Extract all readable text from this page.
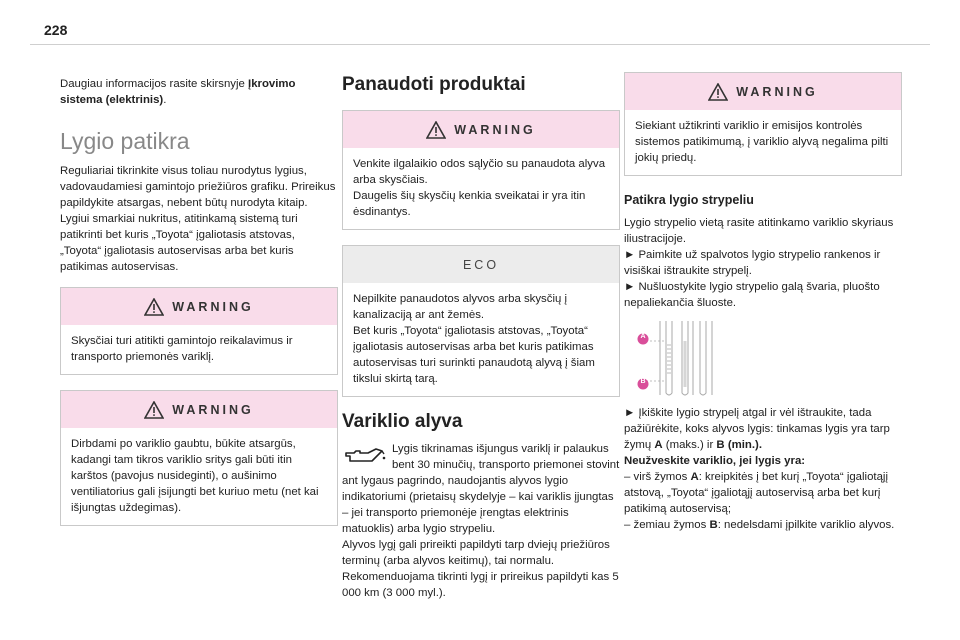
228

Daugiau informacijos rasite skirsnyje Įkrovimo sistema (elektrinis).

Lygio patikra

Reguliariai tikrinkite visus toliau nurodytus lygius, vadovaudamiesi gamintojo priežiūros grafiku. Prireikus papildykite atsargas, nebent būtų nurodyta kitaip.

Lygiui smarkiai nukritus, atitinkamą sistemą turi patikrinti bet kuris „Toyota“ įgaliotasis atstovas, „Toyota“ įgaliotasis autoservisas arba bet kuris patikimas autoservisas.

WARNING

Skysčiai turi atitikti gamintojo reikalavimus ir transporto priemonės variklį.

WARNING

Dirbdami po variklio gaubtu, būkite atsargūs, kadangi tam tikros variklio sritys gali būti itin karštos (pavojus nusideginti), o aušinimo ventiliatorius gali įsijungti bet kuriuo metu (net kai išjungtas uždegimas).

Panaudoti produktai
WARNING

Venkite ilgalaikio odos sąlyčio su panaudota alyva arba skysčiais.

Daugelis šių skysčių kenkia sveikatai ir yra itin ėsdinantys.

ECO

Nepilkite panaudotos alyvos arba skysčių į kanalizaciją ar ant žemės.

Bet kuris „Toyota“ įgaliotasis atstovas, „Toyota“ įgaliotasis autoservisas arba bet kuris patikimas autoservisas turi surinkti panaudotą alyvą į šiam tikslui skirtą tarą.

Variklio alyva

Lygis tikrinamas išjungus variklį ir palaukus bent 30 minučių, transporto priemonei stovint ant lygaus pagrindo, naudojantis alyvos lygio indikatoriumi (prietaisų skydelyje – kai variklis įjungtas – jei transporto priemonėje įrengtas elektrinis matuoklis) arba lygio strypeliu.

Alyvos lygį gali prireikti papildyti tarp dviejų priežiūros terminų (arba alyvos keitimų), tai normalu. Rekomenduojama tikrinti lygį ir prireikus papildyti kas 5 000 km (3 000 myl.).

WARNING

Siekiant užtikrinti variklio ir emisijos kontrolės sistemos patikimumą, į variklio alyvą negalima pilti jokių priedų.

Patikra lygio strypeliu

Lygio strypelio vietą rasite atitinkamo variklio skyriaus iliustracijoje.

► Paimkite už spalvotos lygio strypelio rankenos ir visiškai ištraukite strypelį.

► Nušluostykite lygio strypelio galą švaria, pluošto nepaliekančia šluoste.

A
B

► Įkiškite lygio strypelį atgal ir vėl ištraukite, tada pažiūrėkite, koks alyvos lygis: tinkamas lygis yra tarp žymų A (maks.) ir B (min.).

Neužveskite variklio, jei lygis yra:

– virš žymos A: kreipkitės į bet kurį „Toyota“ įgaliotąjį atstovą, „Toyota“ įgaliotąjį autoservisą arba bet kurį patikimą autoservisą;

– žemiau žymos B: nedelsdami įpilkite variklio alyvos.
